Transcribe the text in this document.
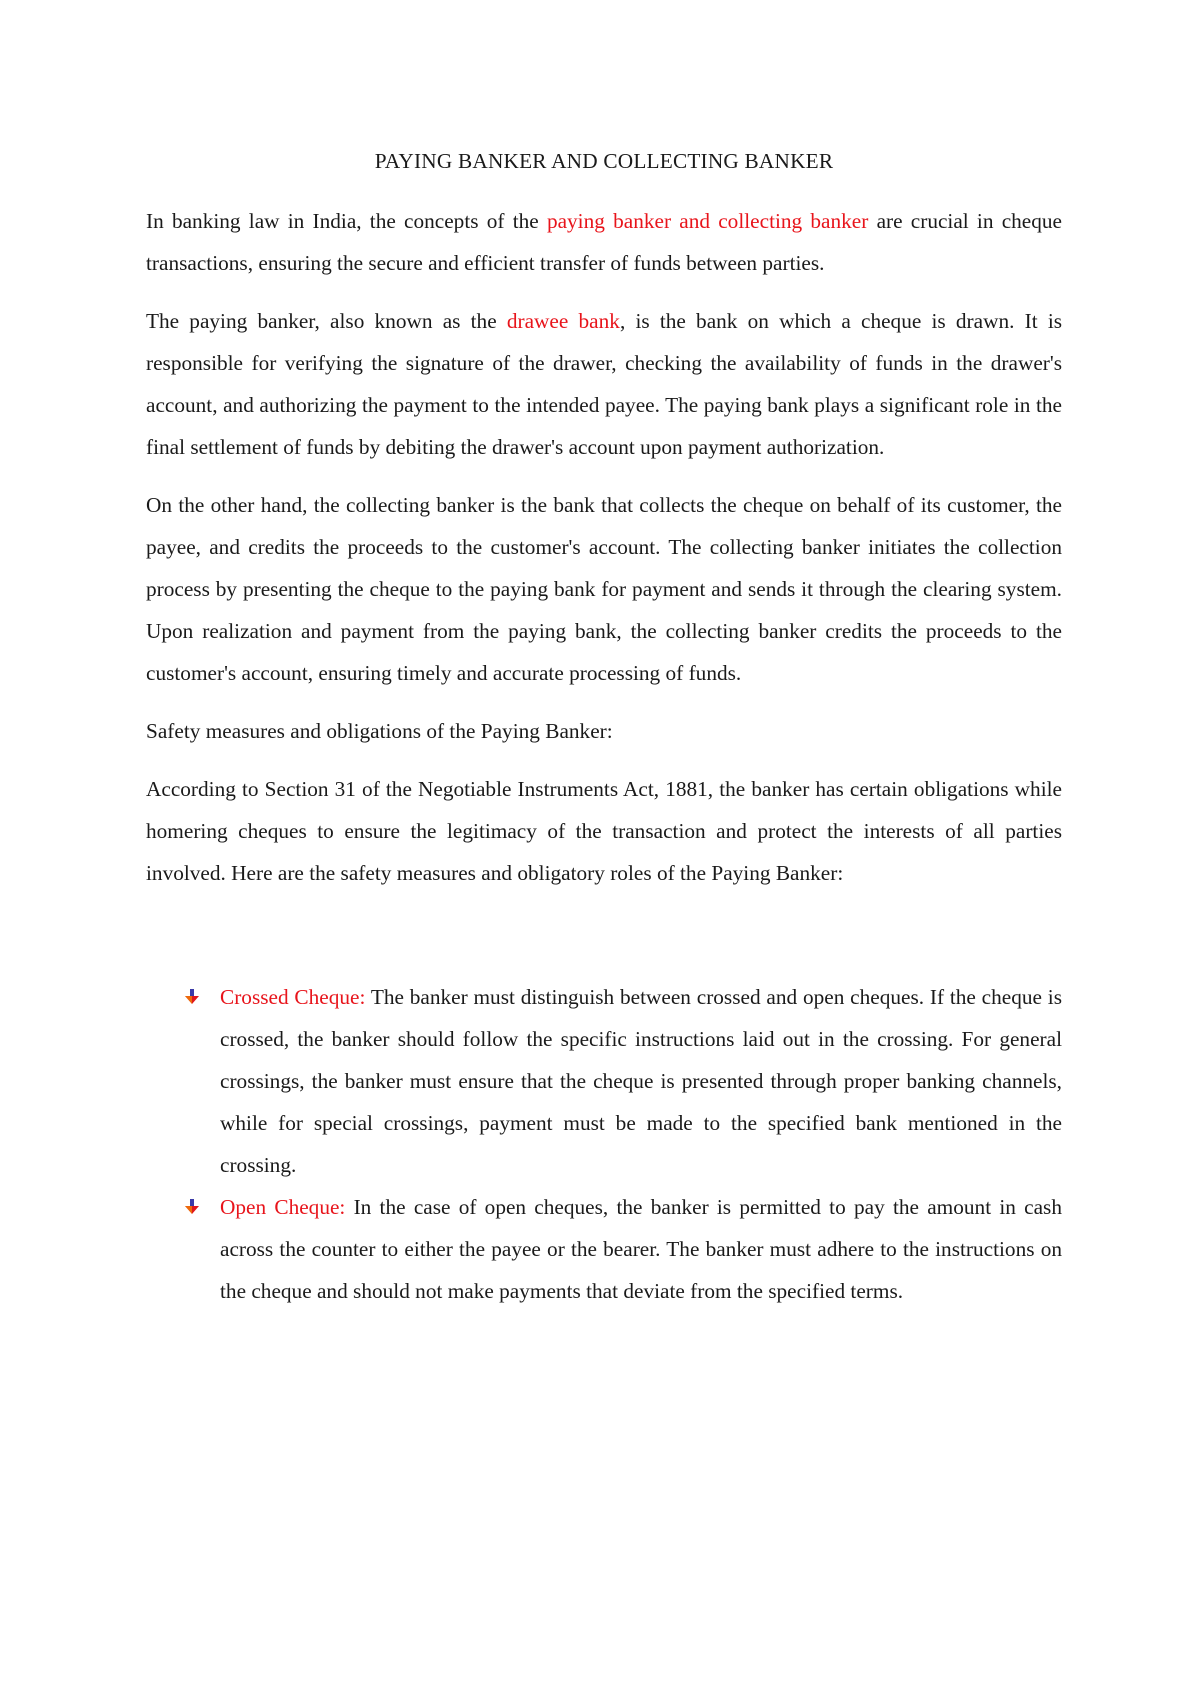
PAYING BANKER AND COLLECTING BANKER

In banking law in India, the concepts of the paying banker and collecting banker are crucial in cheque transactions, ensuring the secure and efficient transfer of funds between parties.

The paying banker, also known as the drawee bank, is the bank on which a cheque is drawn. It is responsible for verifying the signature of the drawer, checking the availability of funds in the drawer's account, and authorizing the payment to the intended payee. The paying bank plays a significant role in the final settlement of funds by debiting the drawer's account upon payment authorization.

On the other hand, the collecting banker is the bank that collects the cheque on behalf of its customer, the payee, and credits the proceeds to the customer's account. The collecting banker initiates the collection process by presenting the cheque to the paying bank for payment and sends it through the clearing system. Upon realization and payment from the paying bank, the collecting banker credits the proceeds to the customer's account, ensuring timely and accurate processing of funds.

Safety measures and obligations of the Paying Banker:

According to Section 31 of the Negotiable Instruments Act, 1881, the banker has certain obligations while homering cheques to ensure the legitimacy of the transaction and protect the interests of all parties involved. Here are the safety measures and obligatory roles of the Paying Banker:

Crossed Cheque: The banker must distinguish between crossed and open cheques. If the cheque is crossed, the banker should follow the specific instructions laid out in the crossing. For general crossings, the banker must ensure that the cheque is presented through proper banking channels, while for special crossings, payment must be made to the specified bank mentioned in the crossing.
Open Cheque: In the case of open cheques, the banker is permitted to pay the amount in cash across the counter to either the payee or the bearer. The banker must adhere to the instructions on the cheque and should not make payments that deviate from the specified terms.
